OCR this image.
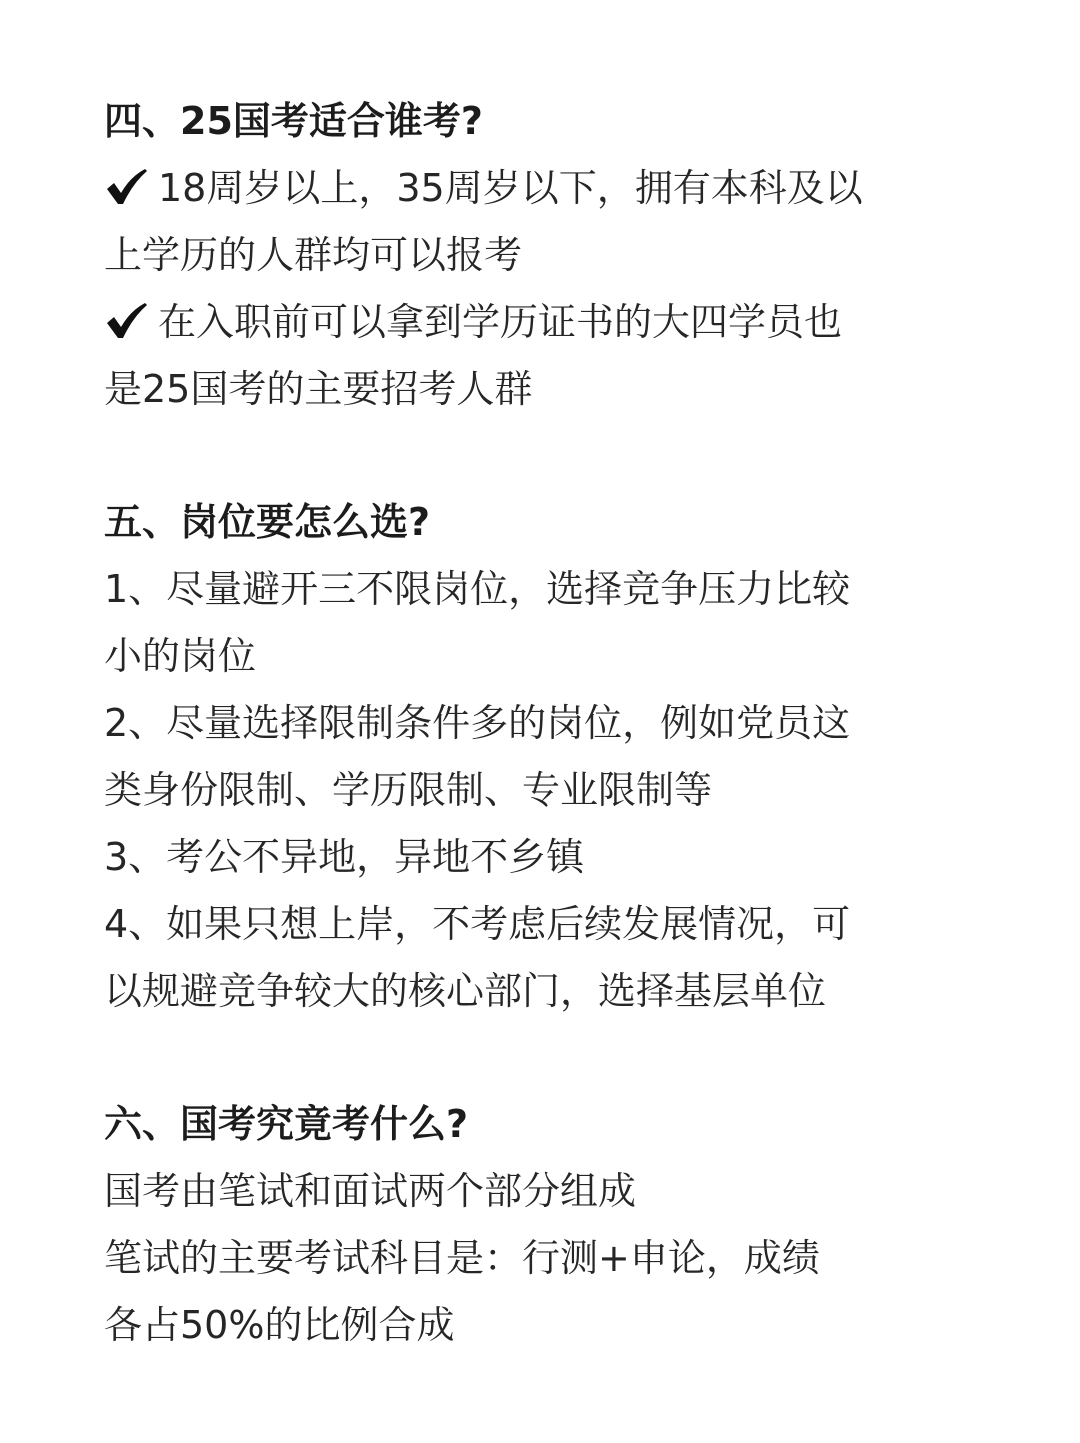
四、25国考适合谁考?

18周岁以上，35周岁以下，拥有本科及以

上学历的人群均可以报考

在入职前可以拿到学历证书的大四学员也

是25国考的主要招考人群

五、岗位要怎么选?

1、尽量避开三不限岗位，选择竞争压力比较

小的岗位

2、尽量选择限制条件多的岗位，例如党员这

类身份限制、学历限制、专业限制等

3、考公不异地，异地不乡镇

4、如果只想上岸，不考虑后续发展情况，可

以规避竞争较大的核心部门，选择基层单位

六、国考究竟考什么?

国考由笔试和面试两个部分组成

笔试的主要考试科目是：行测+申论，成绩

各占50%的比例合成
